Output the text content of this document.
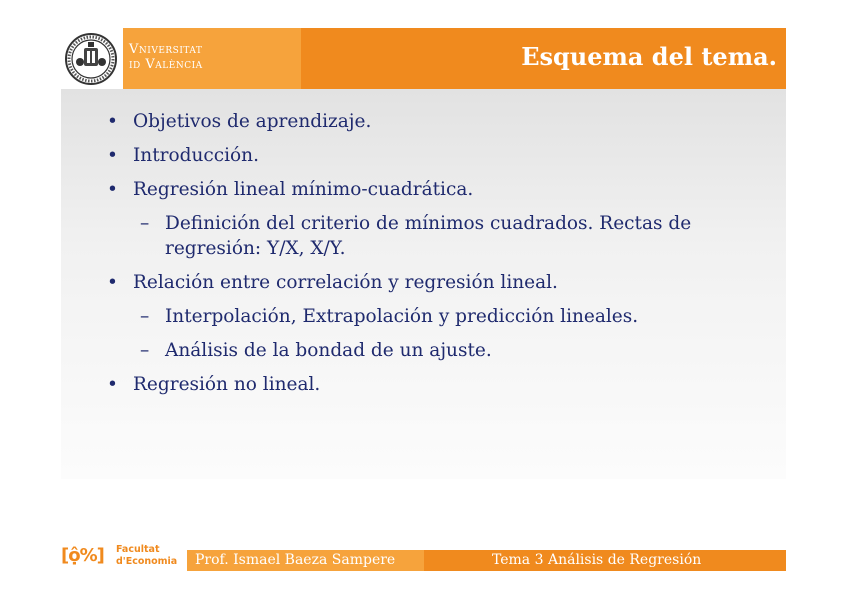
Vniversitat
id València	Esquema del tema.
• Objetivos de aprendizaje.
• Introducción.
• Regresión lineal mínimo-cuadrática.
– Definición del criterio de mínimos cuadrados. Rectas de regresión: Y/X, X/Y.
• Relación entre correlación y regresión lineal.
– Interpolación, Extrapolación y predicción lineales.
– Análisis de la bondad de un ajuste.
• Regresión no lineal.
[ộ%] Facultat
d'Economia Prof. Ismael Baeza Sampere	Tema 3 Análisis de Regresión
